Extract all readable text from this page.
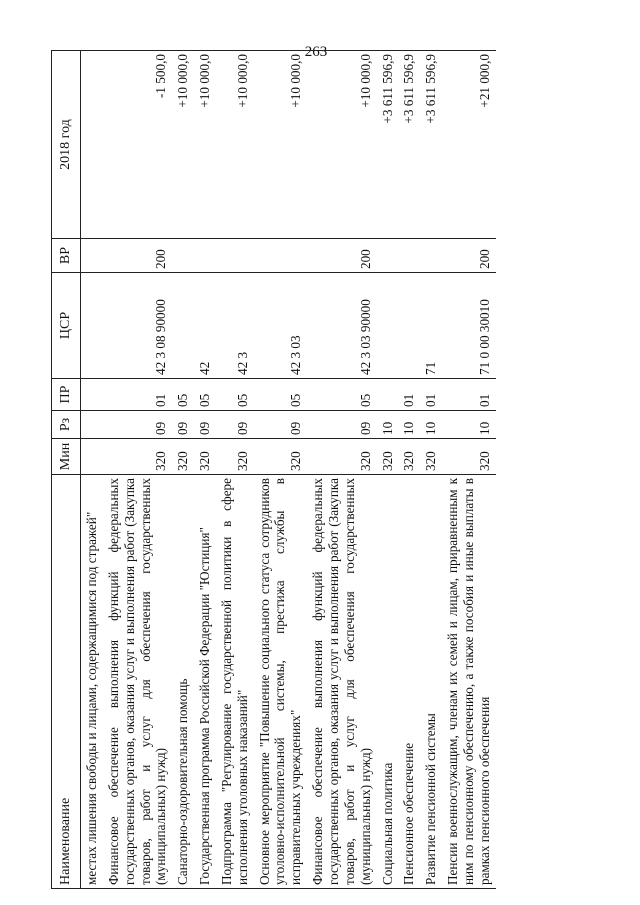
263
Наименование	Мин	Рз	ПР	ЦСР	ВР	2018 год
местах лишения свободы и лицами, содержащимися под стражей"						
Финансовое обеспечение выполнения функций федеральных государственных органов, оказания услуг и выполнения работ (Закупка товаров, работ и услуг для обеспечения государственных (муниципальных) нужд)	320	09	01	42 3 08 90000	200	-1 500,0
Санаторно-оздоровительная помощь	320	09	05			+10 000,0
Государственная программа Российской Федерации "Юстиция"	320	09	05	42		+10 000,0
Подпрограмма "Регулирование государственной политики в сфере исполнения уголовных наказаний"	320	09	05	42 3		+10 000,0
Основное мероприятие "Повышение социального статуса сотрудников уголовно-исполнительной системы, престижа службы в исправительных учреждениях"	320	09	05	42 3 03		+10 000,0
Финансовое обеспечение выполнения функций федеральных государственных органов, оказания услуг и выполнения работ (Закупка товаров, работ и услуг для обеспечения государственных (муниципальных) нужд)	320	09	05	42 3 03 90000	200	+10 000,0
Социальная политика	320	10				+3 611 596,9
Пенсионное обеспечение	320	10	01			+3 611 596,9
Развитие пенсионной системы	320	10	01	71		+3 611 596,9
Пенсии военнослужащим, членам их семей и лицам, приравненным к ним по пенсионному обеспечению, а также пособия и иные выплаты в рамках пенсионного обеспечения	320	10	01	71 0 00 30010	200	+21 000,0
